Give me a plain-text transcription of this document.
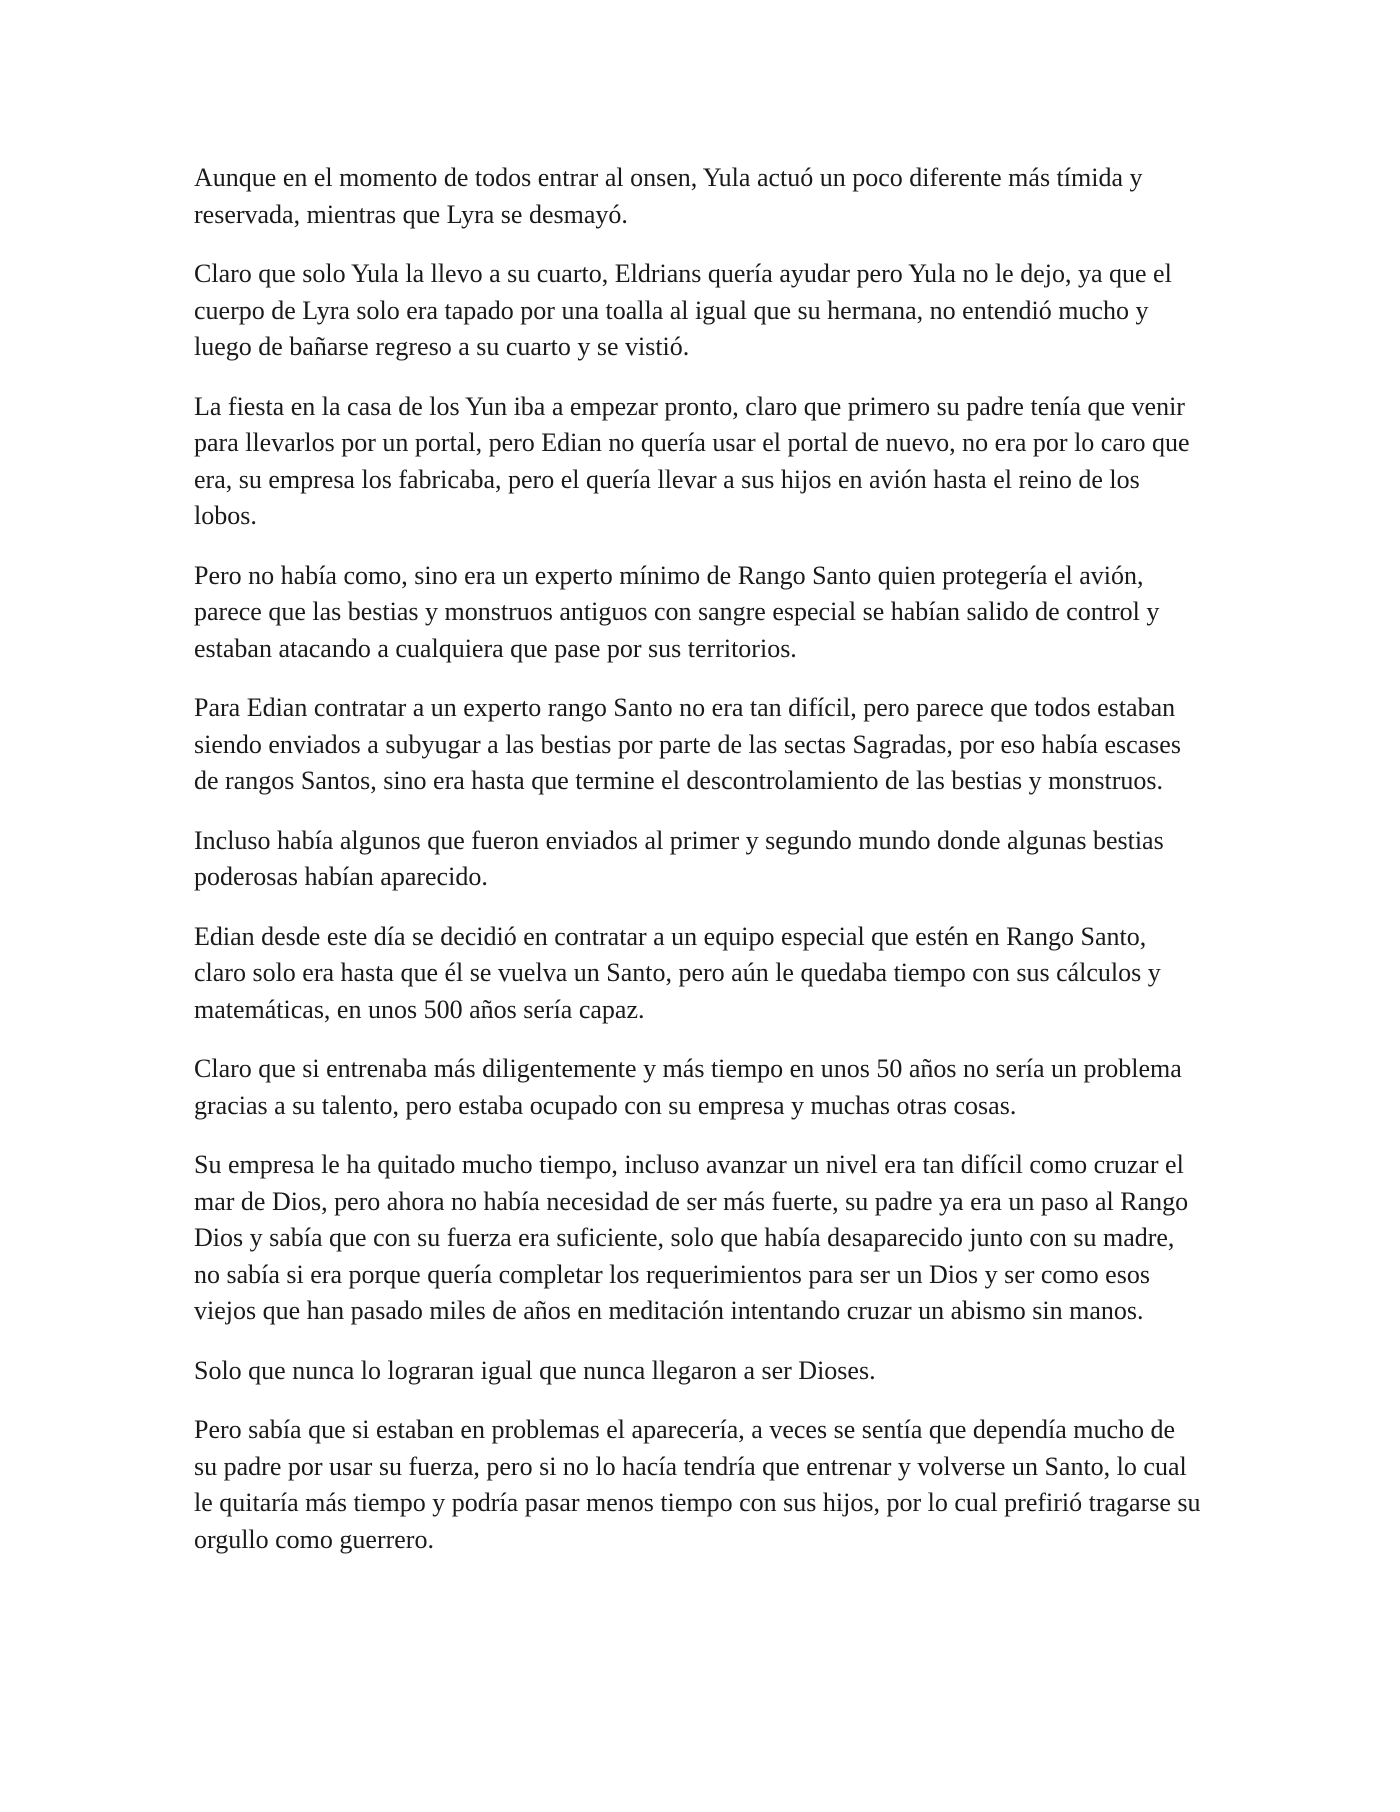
Aunque en el momento de todos entrar al onsen, Yula actuó un poco diferente más tímida y reservada, mientras que Lyra se desmayó.

Claro que solo Yula la llevo a su cuarto, Eldrians quería ayudar pero Yula no le dejo, ya que el cuerpo de Lyra solo era tapado por una toalla al igual que su hermana, no entendió mucho y luego de bañarse regreso a su cuarto y se vistió.

La fiesta en la casa de los Yun iba a empezar pronto, claro que primero su padre tenía que venir para llevarlos por un portal, pero Edian no quería usar el portal de nuevo, no era por lo caro que era, su empresa los fabricaba, pero el quería llevar a sus hijos en avión hasta el reino de los lobos.

Pero no había como, sino era un experto mínimo de Rango Santo quien protegería el avión, parece que las bestias y monstruos antiguos con sangre especial se habían salido de control y estaban atacando a cualquiera que pase por sus territorios.

Para Edian contratar a un experto rango Santo no era tan difícil, pero parece que todos estaban siendo enviados a subyugar a las bestias por parte de las sectas Sagradas, por eso había escases de rangos Santos, sino era hasta que termine el descontrolamiento de las bestias y monstruos.

Incluso había algunos que fueron enviados al primer y segundo mundo donde algunas bestias poderosas habían aparecido.

Edian desde este día se decidió en contratar a un equipo especial que estén en Rango Santo, claro solo era hasta que él se vuelva un Santo, pero aún le quedaba tiempo con sus cálculos y matemáticas, en unos 500 años sería capaz.

Claro que si entrenaba más diligentemente y más tiempo en unos 50 años no sería un problema gracias a su talento, pero estaba ocupado con su empresa y muchas otras cosas.

Su empresa le ha quitado mucho tiempo, incluso avanzar un nivel era tan difícil como cruzar el mar de Dios, pero ahora no había necesidad de ser más fuerte, su padre ya era un paso al Rango Dios y sabía que con su fuerza era suficiente, solo que había desaparecido junto con su madre, no sabía si era porque quería completar los requerimientos para ser un Dios y ser como esos viejos que han pasado miles de años en meditación intentando cruzar un abismo sin manos.

Solo que nunca lo lograran igual que nunca llegaron a ser Dioses.

Pero sabía que si estaban en problemas el aparecería, a veces se sentía que dependía mucho de su padre por usar su fuerza, pero si no lo hacía tendría que entrenar y volverse un Santo, lo cual le quitaría más tiempo y podría pasar menos tiempo con sus hijos, por lo cual prefirió tragarse su orgullo como guerrero.
